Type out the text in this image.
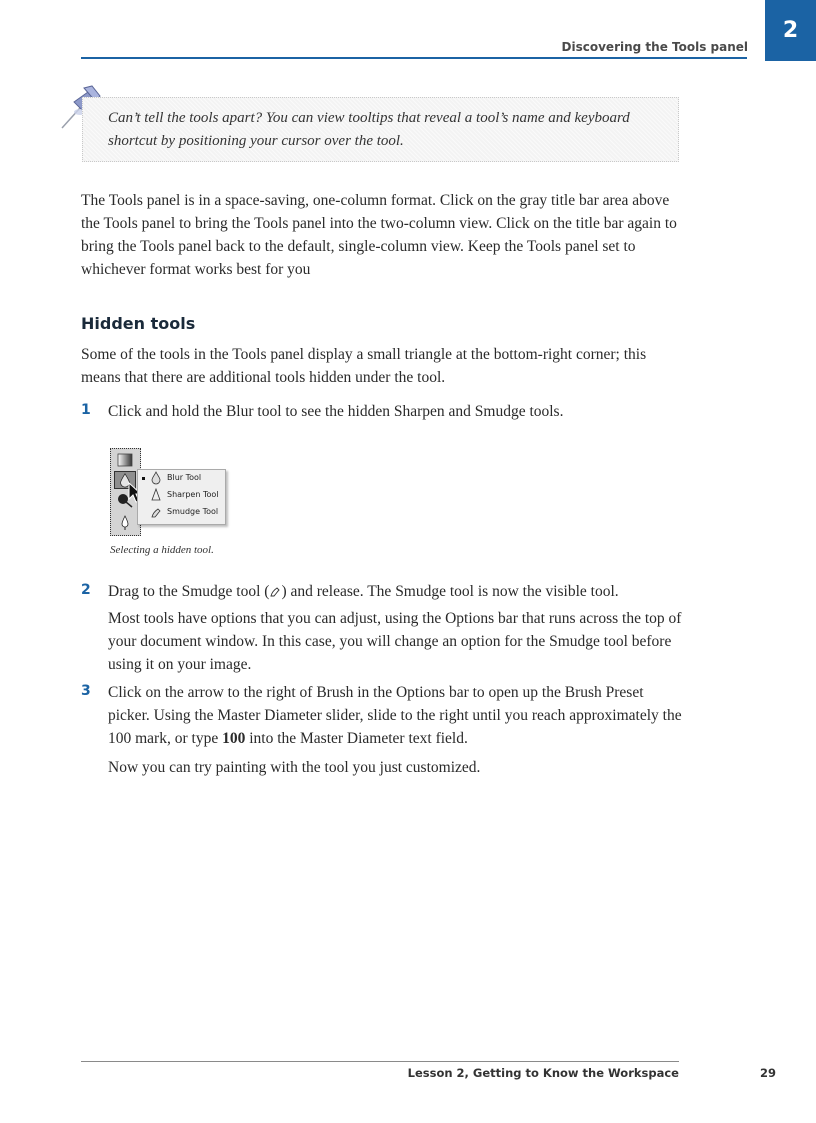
Discovering the Tools panel
2
Can’t tell the tools apart? You can view tooltips that reveal a tool’s name and keyboard shortcut by positioning your cursor over the tool.
The Tools panel is in a space-saving, one-column format. Click on the gray title bar area above the Tools panel to bring the Tools panel into the two-column view. Click on the title bar again to bring the Tools panel back to the default, single-column view. Keep the Tools panel set to whichever format works best for you
Hidden tools
Some of the tools in the Tools panel display a small triangle at the bottom-right corner; this means that there are additional tools hidden under the tool.
1	Click and hold the Blur tool to see the hidden Sharpen and Smudge tools.
Blur Tool
Sharpen Tool
Smudge Tool
Selecting a hidden tool.
2	Drag to the Smudge tool ( ) and release. The Smudge tool is now the visible tool.
Most tools have options that you can adjust, using the Options bar that runs across the top of your document window. In this case, you will change an option for the Smudge tool before using it on your image.
3	Click on the arrow to the right of Brush in the Options bar to open up the Brush Preset picker. Using the Master Diameter slider, slide to the right until you reach approximately the 100 mark, or type 100 into the Master Diameter text field.
Now you can try painting with the tool you just customized.
Lesson 2, Getting to Know the Workspace	29
